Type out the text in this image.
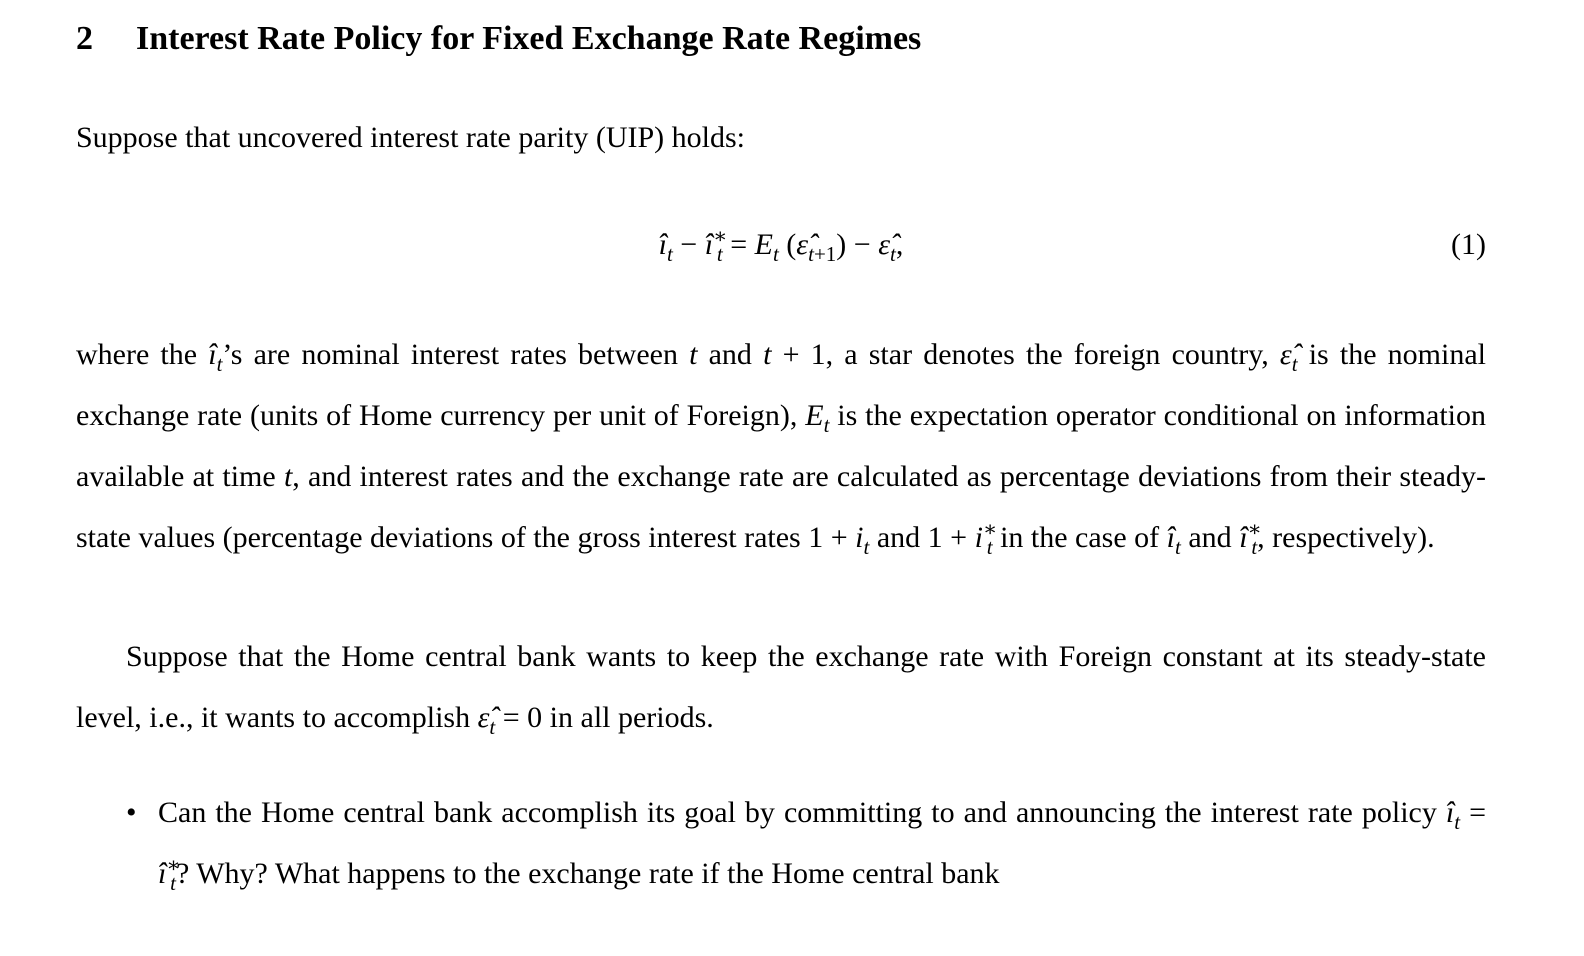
2 Interest Rate Policy for Fixed Exchange Rate Regimes
Suppose that uncovered interest rate parity (UIP) holds:
$î_t$ − $î^∗_t = E_t$ $(\varepsilon̂_{t+1})$ − $\varepsilon̂_t$,	(1)
where the $î_t’s$ are nominal interest rates between t and t + 1, a star denotes the foreign country, $\varepsilon̂_t$ is the nominal exchange rate (units of Home currency per unit of Foreign), $E_t$ is the expectation operator conditional on information available at time t, and interest rates and the exchange rate are calculated as percentage deviations from their steady-state values (percentage deviations of the gross interest rates $1 + i_t$ and $1 + i^∗_t$ in the case of $î_t$ and $î^∗_t$, respectively).
Suppose that the Home central bank wants to keep the exchange rate with Foreign constant at its steady-state level, i.e., it wants to accomplish $\varepsilon̂_t = 0$ in all periods.
• Can the Home central bank accomplish its goal by committing to and announcing the interest rate policy $î_t$ = $î^∗_t$? Why? What happens to the exchange rate if the Home central bank
